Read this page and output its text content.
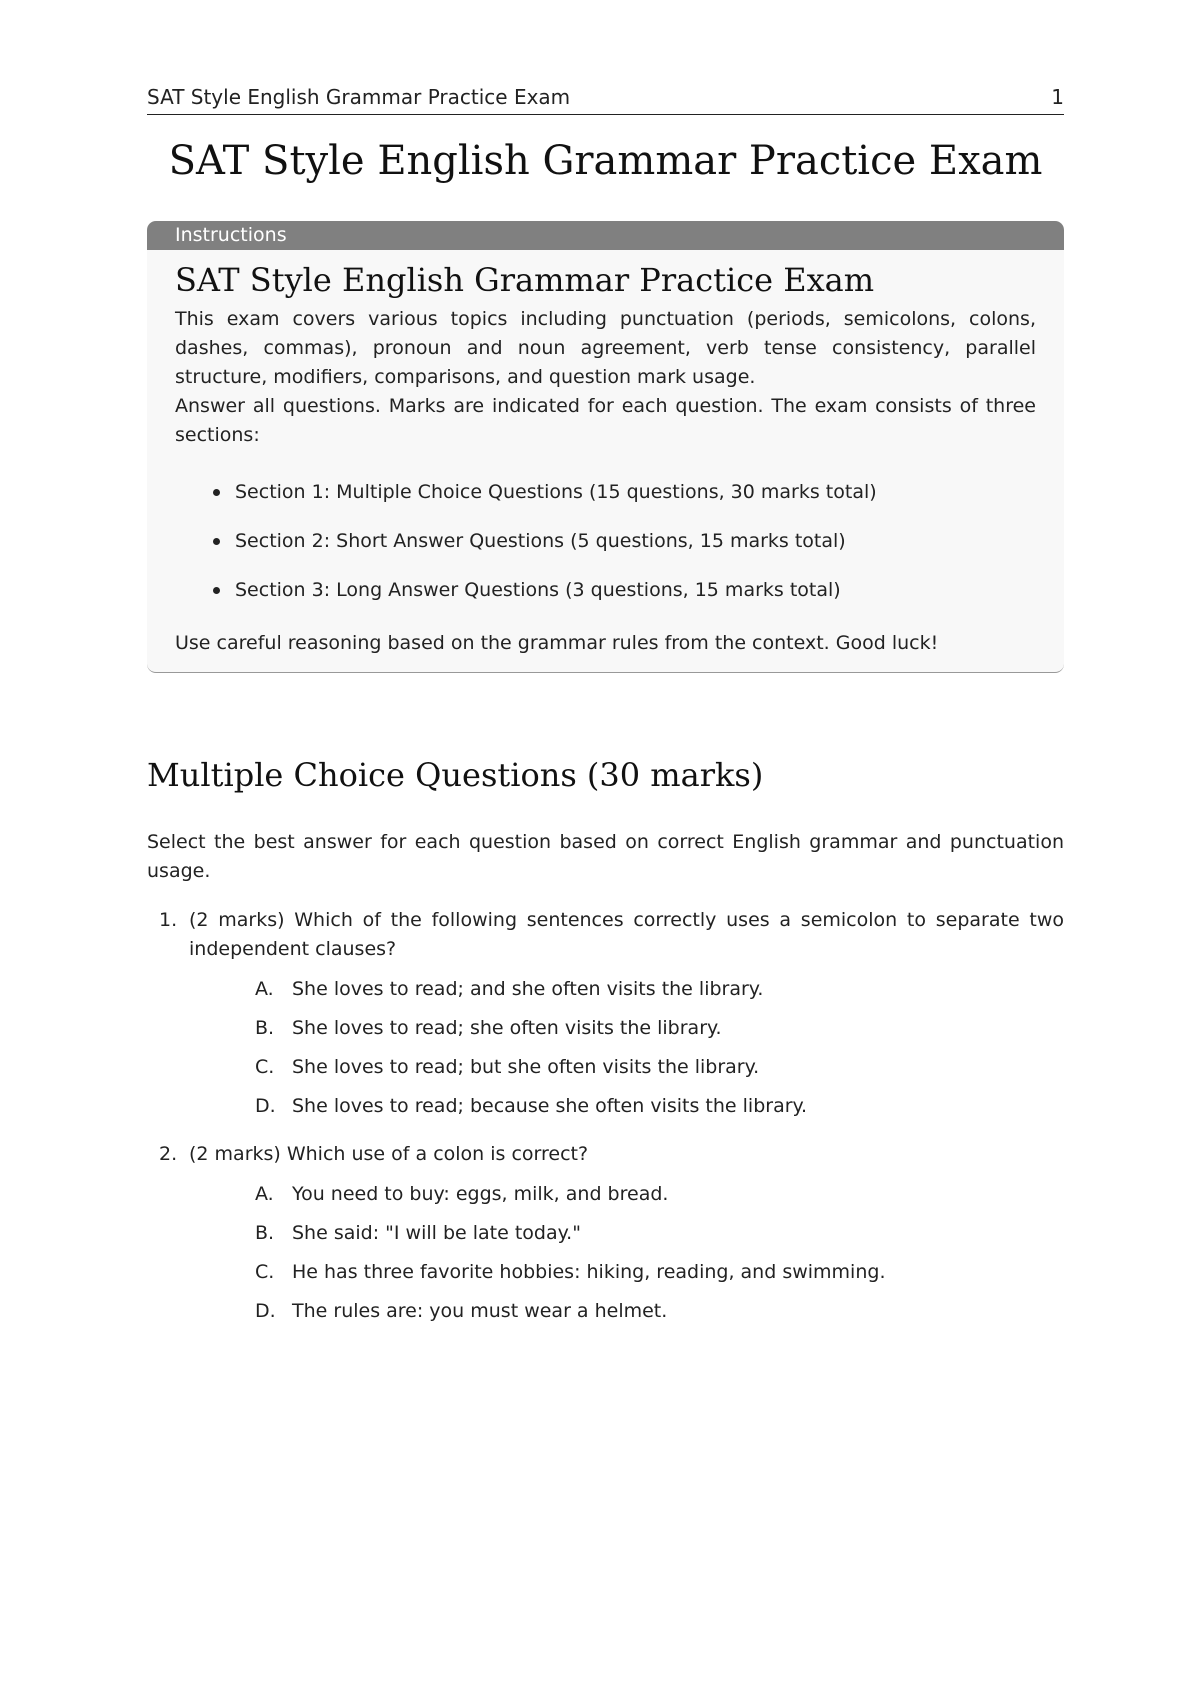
SAT Style English Grammar Practice Exam	1
SAT Style English Grammar Practice Exam
Instructions
SAT Style English Grammar Practice Exam

This exam covers various topics including punctuation (periods, semicolons, colons, dashes, commas), pronoun and noun agreement, verb tense consistency, parallel structure, modifiers, comparisons, and question mark usage.

Answer all questions. Marks are indicated for each question. The exam consists of three sections:

Section 1: Multiple Choice Questions (15 questions, 30 marks total)
Section 2: Short Answer Questions (5 questions, 15 marks total)
Section 3: Long Answer Questions (3 questions, 15 marks total)

Use careful reasoning based on the grammar rules from the context. Good luck!

Multiple Choice Questions (30 marks)
Select the best answer for each question based on correct English grammar and punctuation usage.
1. (2 marks) Which of the following sentences correctly uses a semicolon to separate two independent clauses?
A. She loves to read; and she often visits the library.
B. She loves to read; she often visits the library.
C. She loves to read; but she often visits the library.
D. She loves to read; because she often visits the library.
2. (2 marks) Which use of a colon is correct?
A. You need to buy: eggs, milk, and bread.
B. She said: "I will be late today."
C. He has three favorite hobbies: hiking, reading, and swimming.
D. The rules are: you must wear a helmet.
